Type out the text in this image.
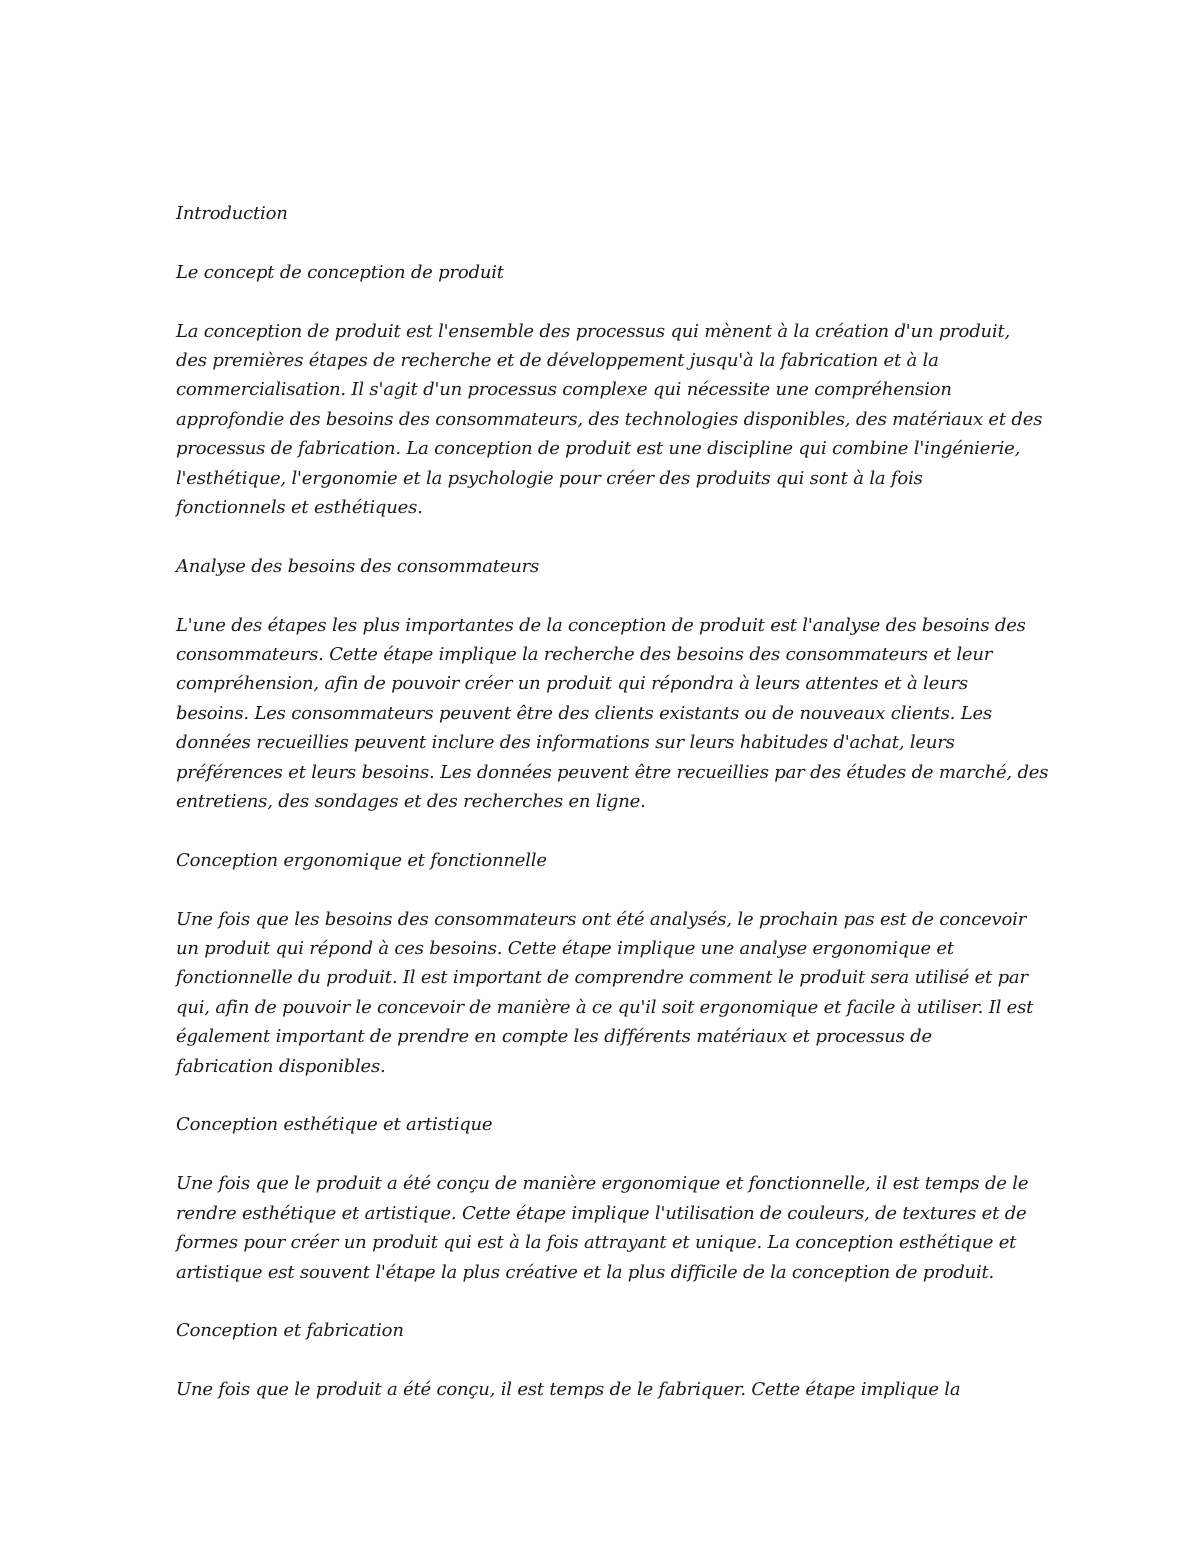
Introduction

Le concept de conception de produit

La conception de produit est l'ensemble des processus qui mènent à la création d'un produit,
des premières étapes de recherche et de développement jusqu'à la fabrication et à la
commercialisation. Il s'agit d'un processus complexe qui nécessite une compréhension
approfondie des besoins des consommateurs, des technologies disponibles, des matériaux et des
processus de fabrication. La conception de produit est une discipline qui combine l'ingénierie,
l'esthétique, l'ergonomie et la psychologie pour créer des produits qui sont à la fois
fonctionnels et esthétiques.

Analyse des besoins des consommateurs

L'une des étapes les plus importantes de la conception de produit est l'analyse des besoins des
consommateurs. Cette étape implique la recherche des besoins des consommateurs et leur
compréhension, afin de pouvoir créer un produit qui répondra à leurs attentes et à leurs
besoins. Les consommateurs peuvent être des clients existants ou de nouveaux clients. Les
données recueillies peuvent inclure des informations sur leurs habitudes d'achat, leurs
préférences et leurs besoins. Les données peuvent être recueillies par des études de marché, des
entretiens, des sondages et des recherches en ligne.

Conception ergonomique et fonctionnelle

Une fois que les besoins des consommateurs ont été analysés, le prochain pas est de concevoir
un produit qui répond à ces besoins. Cette étape implique une analyse ergonomique et
fonctionnelle du produit. Il est important de comprendre comment le produit sera utilisé et par
qui, afin de pouvoir le concevoir de manière à ce qu'il soit ergonomique et facile à utiliser. Il est
également important de prendre en compte les différents matériaux et processus de
fabrication disponibles.

Conception esthétique et artistique

Une fois que le produit a été conçu de manière ergonomique et fonctionnelle, il est temps de le
rendre esthétique et artistique. Cette étape implique l'utilisation de couleurs, de textures et de
formes pour créer un produit qui est à la fois attrayant et unique. La conception esthétique et
artistique est souvent l'étape la plus créative et la plus difficile de la conception de produit.

Conception et fabrication

Une fois que le produit a été conçu, il est temps de le fabriquer. Cette étape implique la
